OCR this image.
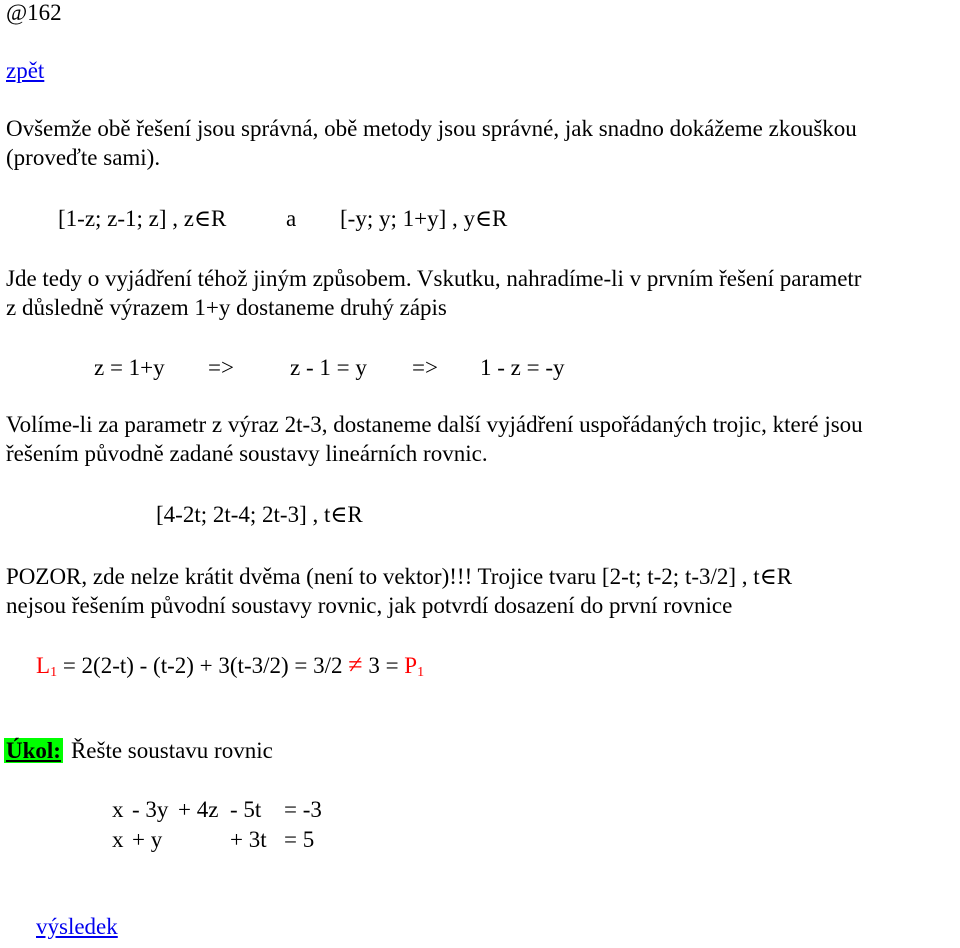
@162
zpět
Ovšemže obě řešení jsou správná, obě metody jsou správné, jak snadno dokážeme zkouškou
(proveďte sami).
[1-z; z-1; z] , z∈R	a [-y; y; 1+y] , y∈R
Jde tedy o vyjádření téhož jiným způsobem. Vskutku, nahradíme-li v prvním řešení parametr
z důsledně výrazem 1+y dostaneme druhý zápis
z = 1+y => z - 1 = y => 1 - z = -y
Volíme-li za parametr z výraz 2t-3, dostaneme další vyjádření uspořádaných trojic, které jsou
řešením původně zadané soustavy lineárních rovnic.
[4-2t; 2t-4; 2t-3] , t∈R
POZOR, zde nelze krátit dvěma (není to vektor)!!! Trojice tvaru [2-t; t-2; t-3/2] , t∈R
nejsou řešením původní soustavy rovnic, jak potvrdí dosazení do první rovnice
$L_1 = 2(2-t) - (t-2) + 3(t-3/2) = 3/2 \ne 3 = P_1$
Úkol: Řešte soustavu rovnic
x - 3y + 4z - 5t = -3
x + y	+ 3t = 5
výsledek
